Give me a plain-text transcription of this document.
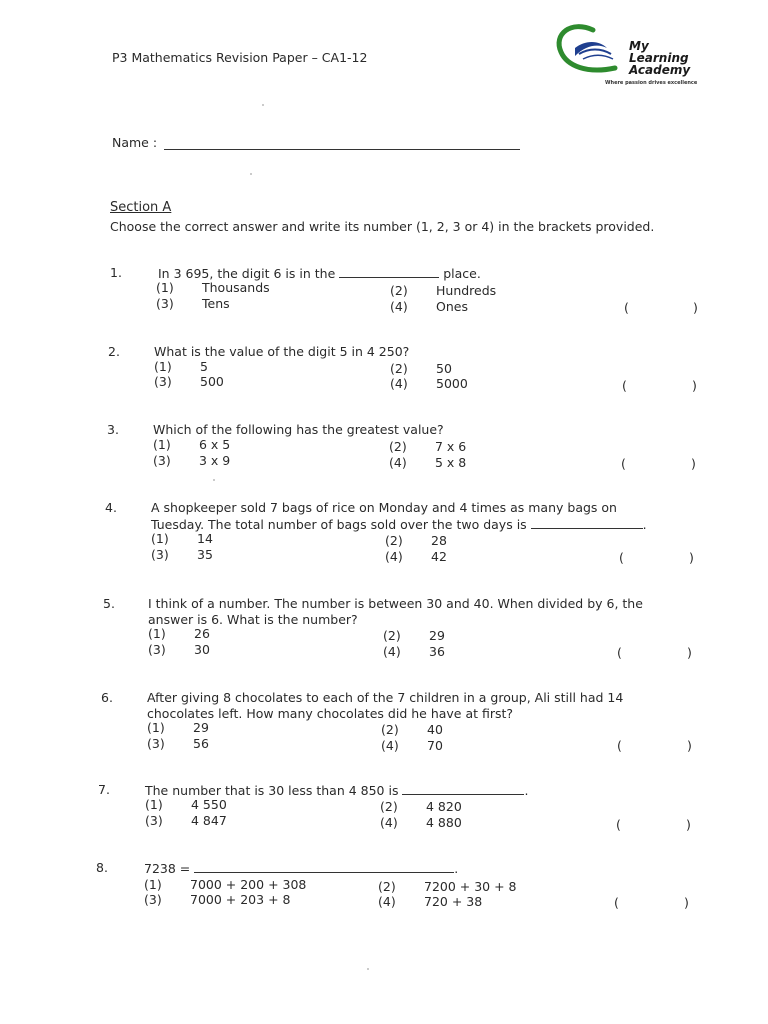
P3 Mathematics Revision Paper – CA1-12
My
Learning
Academy
Where passion drives excellence
Name :
Section A
Choose the correct answer and write its number (1, 2, 3 or 4) in the brackets provided.
1.	In 3 695, the digit 6 is in the	place.
(1) Thousands	(2) Hundreds
(3) Tens	(4) Ones	(	)
2.	What is the value of the digit 5 in 4 250?
(1) 5	(2) 50
(3) 500	(4) 5000	(	)
3.	Which of the following has the greatest value?
(1) 6 x 5	(2) 7 x 6
(3) 3 x 9	(4) 5 x 8	(	)
4.	A shopkeeper sold 7 bags of rice on Monday and 4 times as many bags on
Tuesday. The total number of bags sold over the two days is	.
(1) 14	(2) 28
(3) 35	(4) 42	(	)
5.	I think of a number. The number is between 30 and 40. When divided by 6, the
answer is 6. What is the number?
(1) 26	(2) 29
(3) 30	(4) 36	(	)
6.	After giving 8 chocolates to each of the 7 children in a group, Ali still had 14
chocolates left. How many chocolates did he have at first?
(1) 29	(2) 40
(3) 56	(4) 70	(	)
7.	The number that is 30 less than 4 850 is	.
(1) 4 550	(2) 4 820
(3) 4 847	(4) 4 880	(	)
8.	7238 =	.
(1) 7000 + 200 + 308	(2) 7200 + 30 + 8
(3) 7000 + 203 + 8	(4) 720 + 38	(	)
